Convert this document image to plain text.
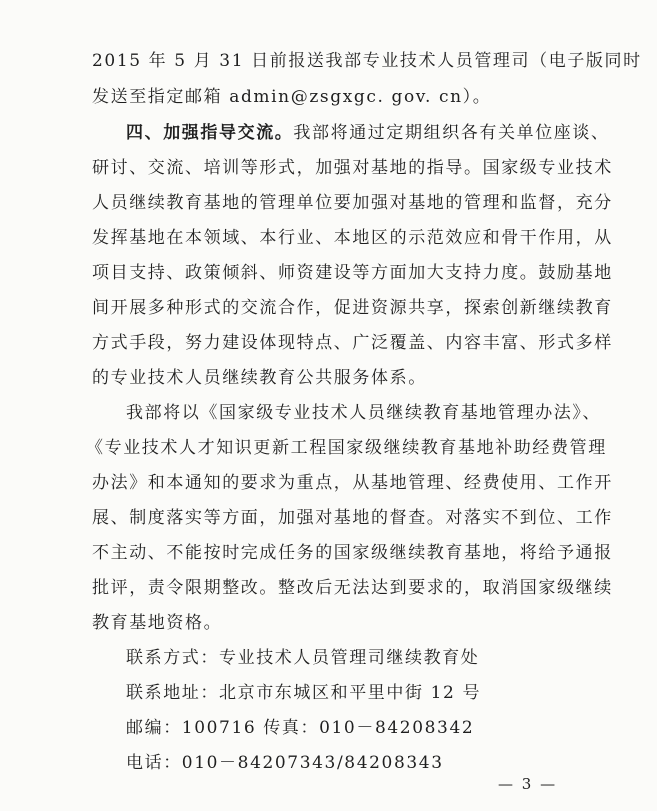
2015 年 5 月 31 日前报送我部专业技术人员管理司（电子版同时
发送至指定邮箱 admin@zsgxgc. gov. cn）。
四、加强指导交流。我部将通过定期组织各有关单位座谈、
研讨、交流、培训等形式，加强对基地的指导。国家级专业技术
人员继续教育基地的管理单位要加强对基地的管理和监督，充分
发挥基地在本领域、本行业、本地区的示范效应和骨干作用，从
项目支持、政策倾斜、师资建设等方面加大支持力度。鼓励基地
间开展多种形式的交流合作，促进资源共享，探索创新继续教育
方式手段，努力建设体现特点、广泛覆盖、内容丰富、形式多样
的专业技术人员继续教育公共服务体系。
我部将以《国家级专业技术人员继续教育基地管理办法》、
《专业技术人才知识更新工程国家级继续教育基地补助经费管理
办法》和本通知的要求为重点，从基地管理、经费使用、工作开
展、制度落实等方面，加强对基地的督查。对落实不到位、工作
不主动、不能按时完成任务的国家级继续教育基地，将给予通报
批评，责令限期整改。整改后无法达到要求的，取消国家级继续
教育基地资格。
联系方式：专业技术人员管理司继续教育处
联系地址：北京市东城区和平里中街 12 号
邮编：100716 传真：010－84208342
电话：010－84207343/84208343
— 3 —
